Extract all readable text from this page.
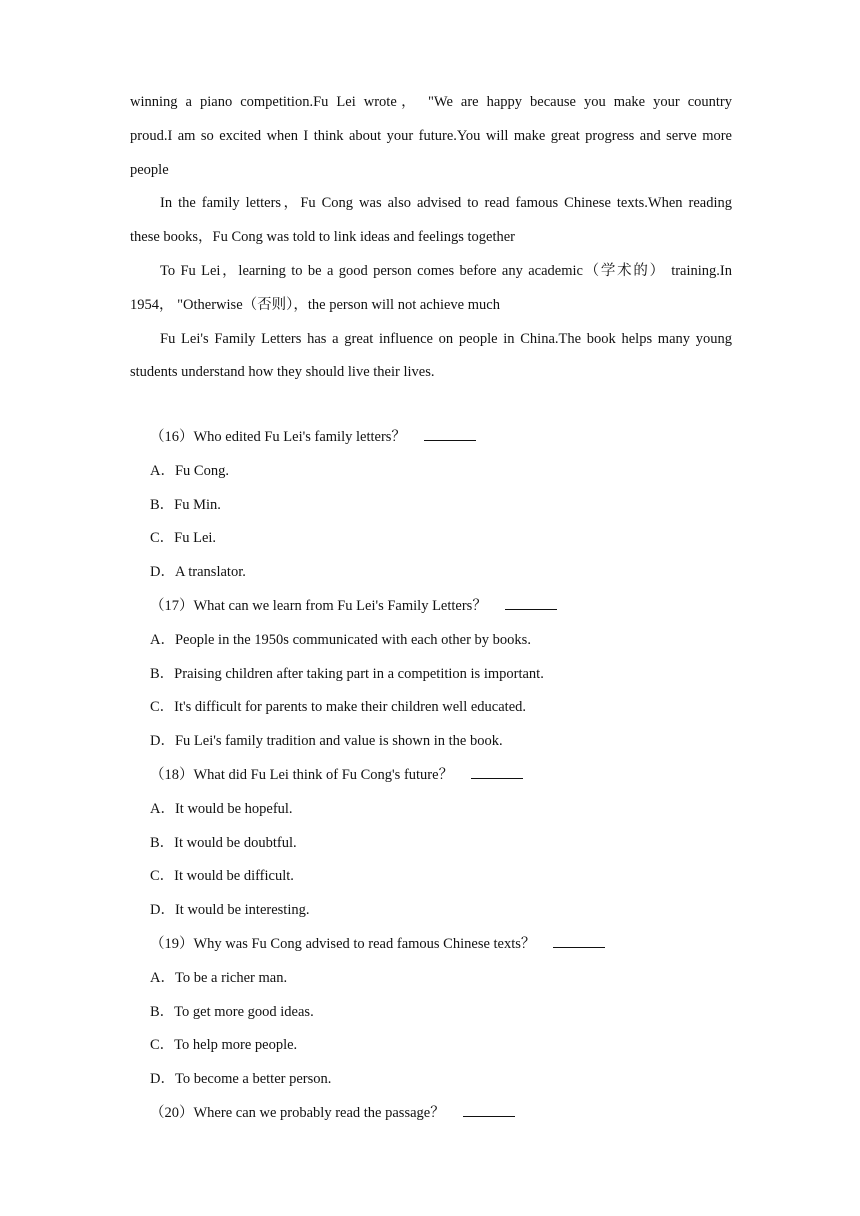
winning a piano competition.Fu Lei wrote， "We are happy because you make your country

proud.I am so excited when I think about your future.You will make great progress and serve more

people

In the family letters，Fu Cong was also advised to read famous Chinese texts.When reading

these books，Fu Cong was told to link ideas and feelings together

To Fu Lei，learning to be a good person comes before any academic（学术的） training.In

1954， "Otherwise（否则），the person will not achieve much

Fu Lei's Family Letters has a great influence on people in China.The book helps many young

students understand how they should live their lives.

（16）Who edited Fu Lei's family letters？

A．Fu Cong.

B．Fu Min.

C．Fu Lei.

D．A translator.

（17）What can we learn from Fu Lei's Family Letters？

A．People in the 1950s communicated with each other by books.

B．Praising children after taking part in a competition is important.

C．It's difficult for parents to make their children well educated.

D．Fu Lei's family tradition and value is shown in the book.

（18）What did Fu Lei think of Fu Cong's future？

A．It would be hopeful.

B．It would be doubtful.

C．It would be difficult.

D．It would be interesting.

（19）Why was Fu Cong advised to read famous Chinese texts？

A．To be a richer man.

B．To get more good ideas.

C．To help more people.

D．To become a better person.

（20）Where can we probably read the passage？
